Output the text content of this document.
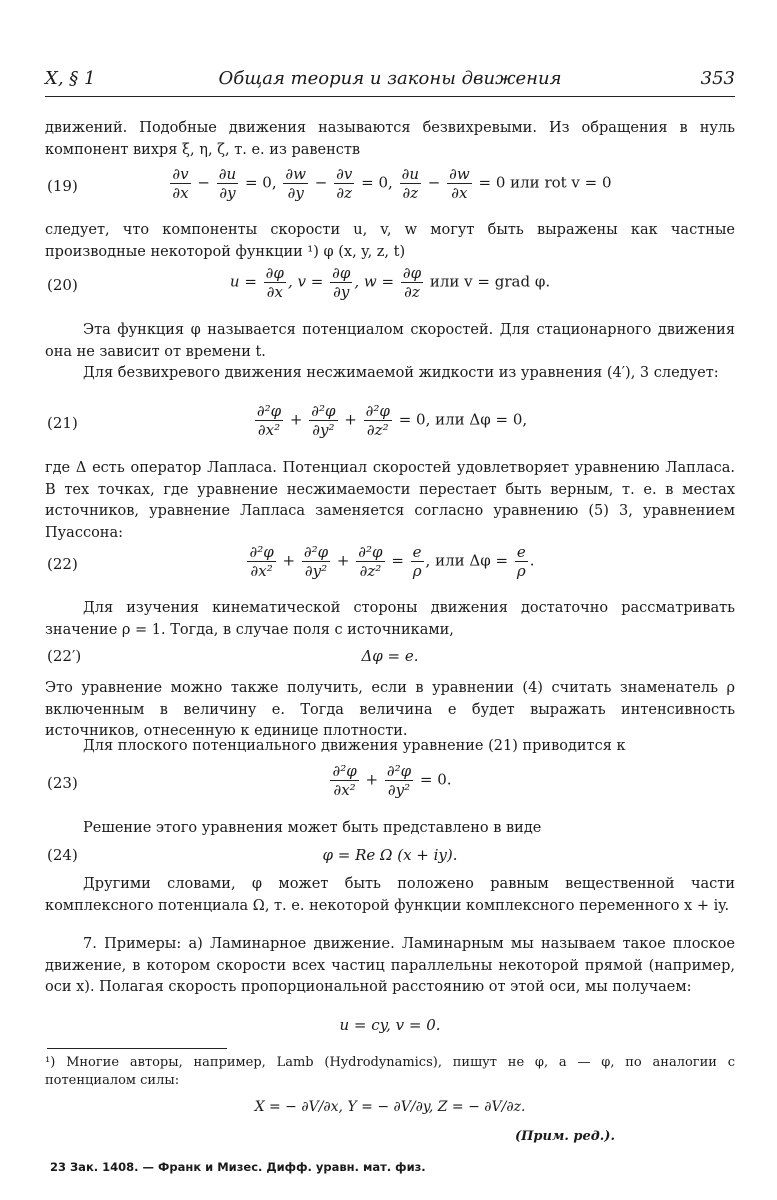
X, § 1	Общая теория и законы движения	353
движений. Подобные движения называются безвихревыми. Из обращения в нуль компонент вихря ξ, η, ζ, т. е. из равенств
(19)	$\frac{\partial v}{\partial x} - \frac{\partial u}{\partial y} = 0$, $\frac{\partial w}{\partial y} - \frac{\partial v}{\partial z} = 0$, $\frac{\partial u}{\partial z} - \frac{\partial w}{\partial x} = 0$ или rot v = 0
следует, что компоненты скорости u, v, w могут быть выражены как частные производные некоторой функции ¹) φ (x, y, z, t)
(20)	$u = \frac{\partial\varphi}{\partial x}$ , $v = \frac{\partial\varphi}{\partial y}$ , $w = \frac{\partial\varphi}{\partial z}$ или v = grad φ.
Эта функция φ называется потенциалом скоростей. Для стационарного движения она не зависит от времени t.
Для безвихревого движения несжимаемой жидкости из уравнения (4′), 3 следует:
(21)	$\frac{\text{∂²φ}}{\text{∂x²}} + \frac{\text{∂²φ}}{\text{∂y²}} + \frac{\text{∂²φ}}{\text{∂z²}} = 0$, или Δφ = 0,
где Δ есть оператор Лапласа. Потенциал скоростей удовлетворяет уравнению Лапласа. В тех точках, где уравнение несжимаемости перестает быть верным, т. е. в местах источников, уравнение Лапласа заменяется согласно уравнению (5) 3, уравнением Пуассона:
(22)	$\frac{\text{∂²φ}}{\text{∂x²}} + \frac{\text{∂²φ}}{\text{∂y²}} + \frac{\text{∂²φ}}{\text{∂z²}} = \frac{e}{\rho}$ , или $\Delta\varphi = \frac{e}{\rho}$ .
Для изучения кинематической стороны движения достаточно рассматривать значение ρ = 1. Тогда, в случае поля с источниками,
(22′)	Δφ = e.
Это уравнение можно также получить, если в уравнении (4) считать знаменатель ρ включенным в величину e. Тогда величина e будет выражать интенсивность источников, отнесенную к единице плотности.
Для плоского потенциального движения уравнение (21) приводится к
(23)	$\frac{\text{∂²φ}}{\text{∂x²}} + \frac{\text{∂²φ}}{\text{∂y²}} = 0$.
Решение этого уравнения может быть представлено в виде
(24)	φ = Re Ω (x + iy).
Другими словами, φ может быть положено равным вещественной части комплексного потенциала Ω, т. е. некоторой функции комплексного переменного x + iy.
7. Примеры: а) Ламинарное движение. Ламинарным мы называем такое плоское движение, в котором скорости всех частиц параллельны некоторой прямой (например, оси x). Полагая скорость пропорциональной расстоянию от этой оси, мы получаем:
u = cy, v = 0.
¹) Многие авторы, например, Lamb (Hydrodynamics), пишут не φ, а — φ, по аналогии с потенциалом силы:
X = − ∂V/∂x, Y = − ∂V/∂y, Z = − ∂V/∂z.
(Прим. ред.).
23 Зак. 1408. — Франк и Мизес. Дифф. уравн. мат. физ.
